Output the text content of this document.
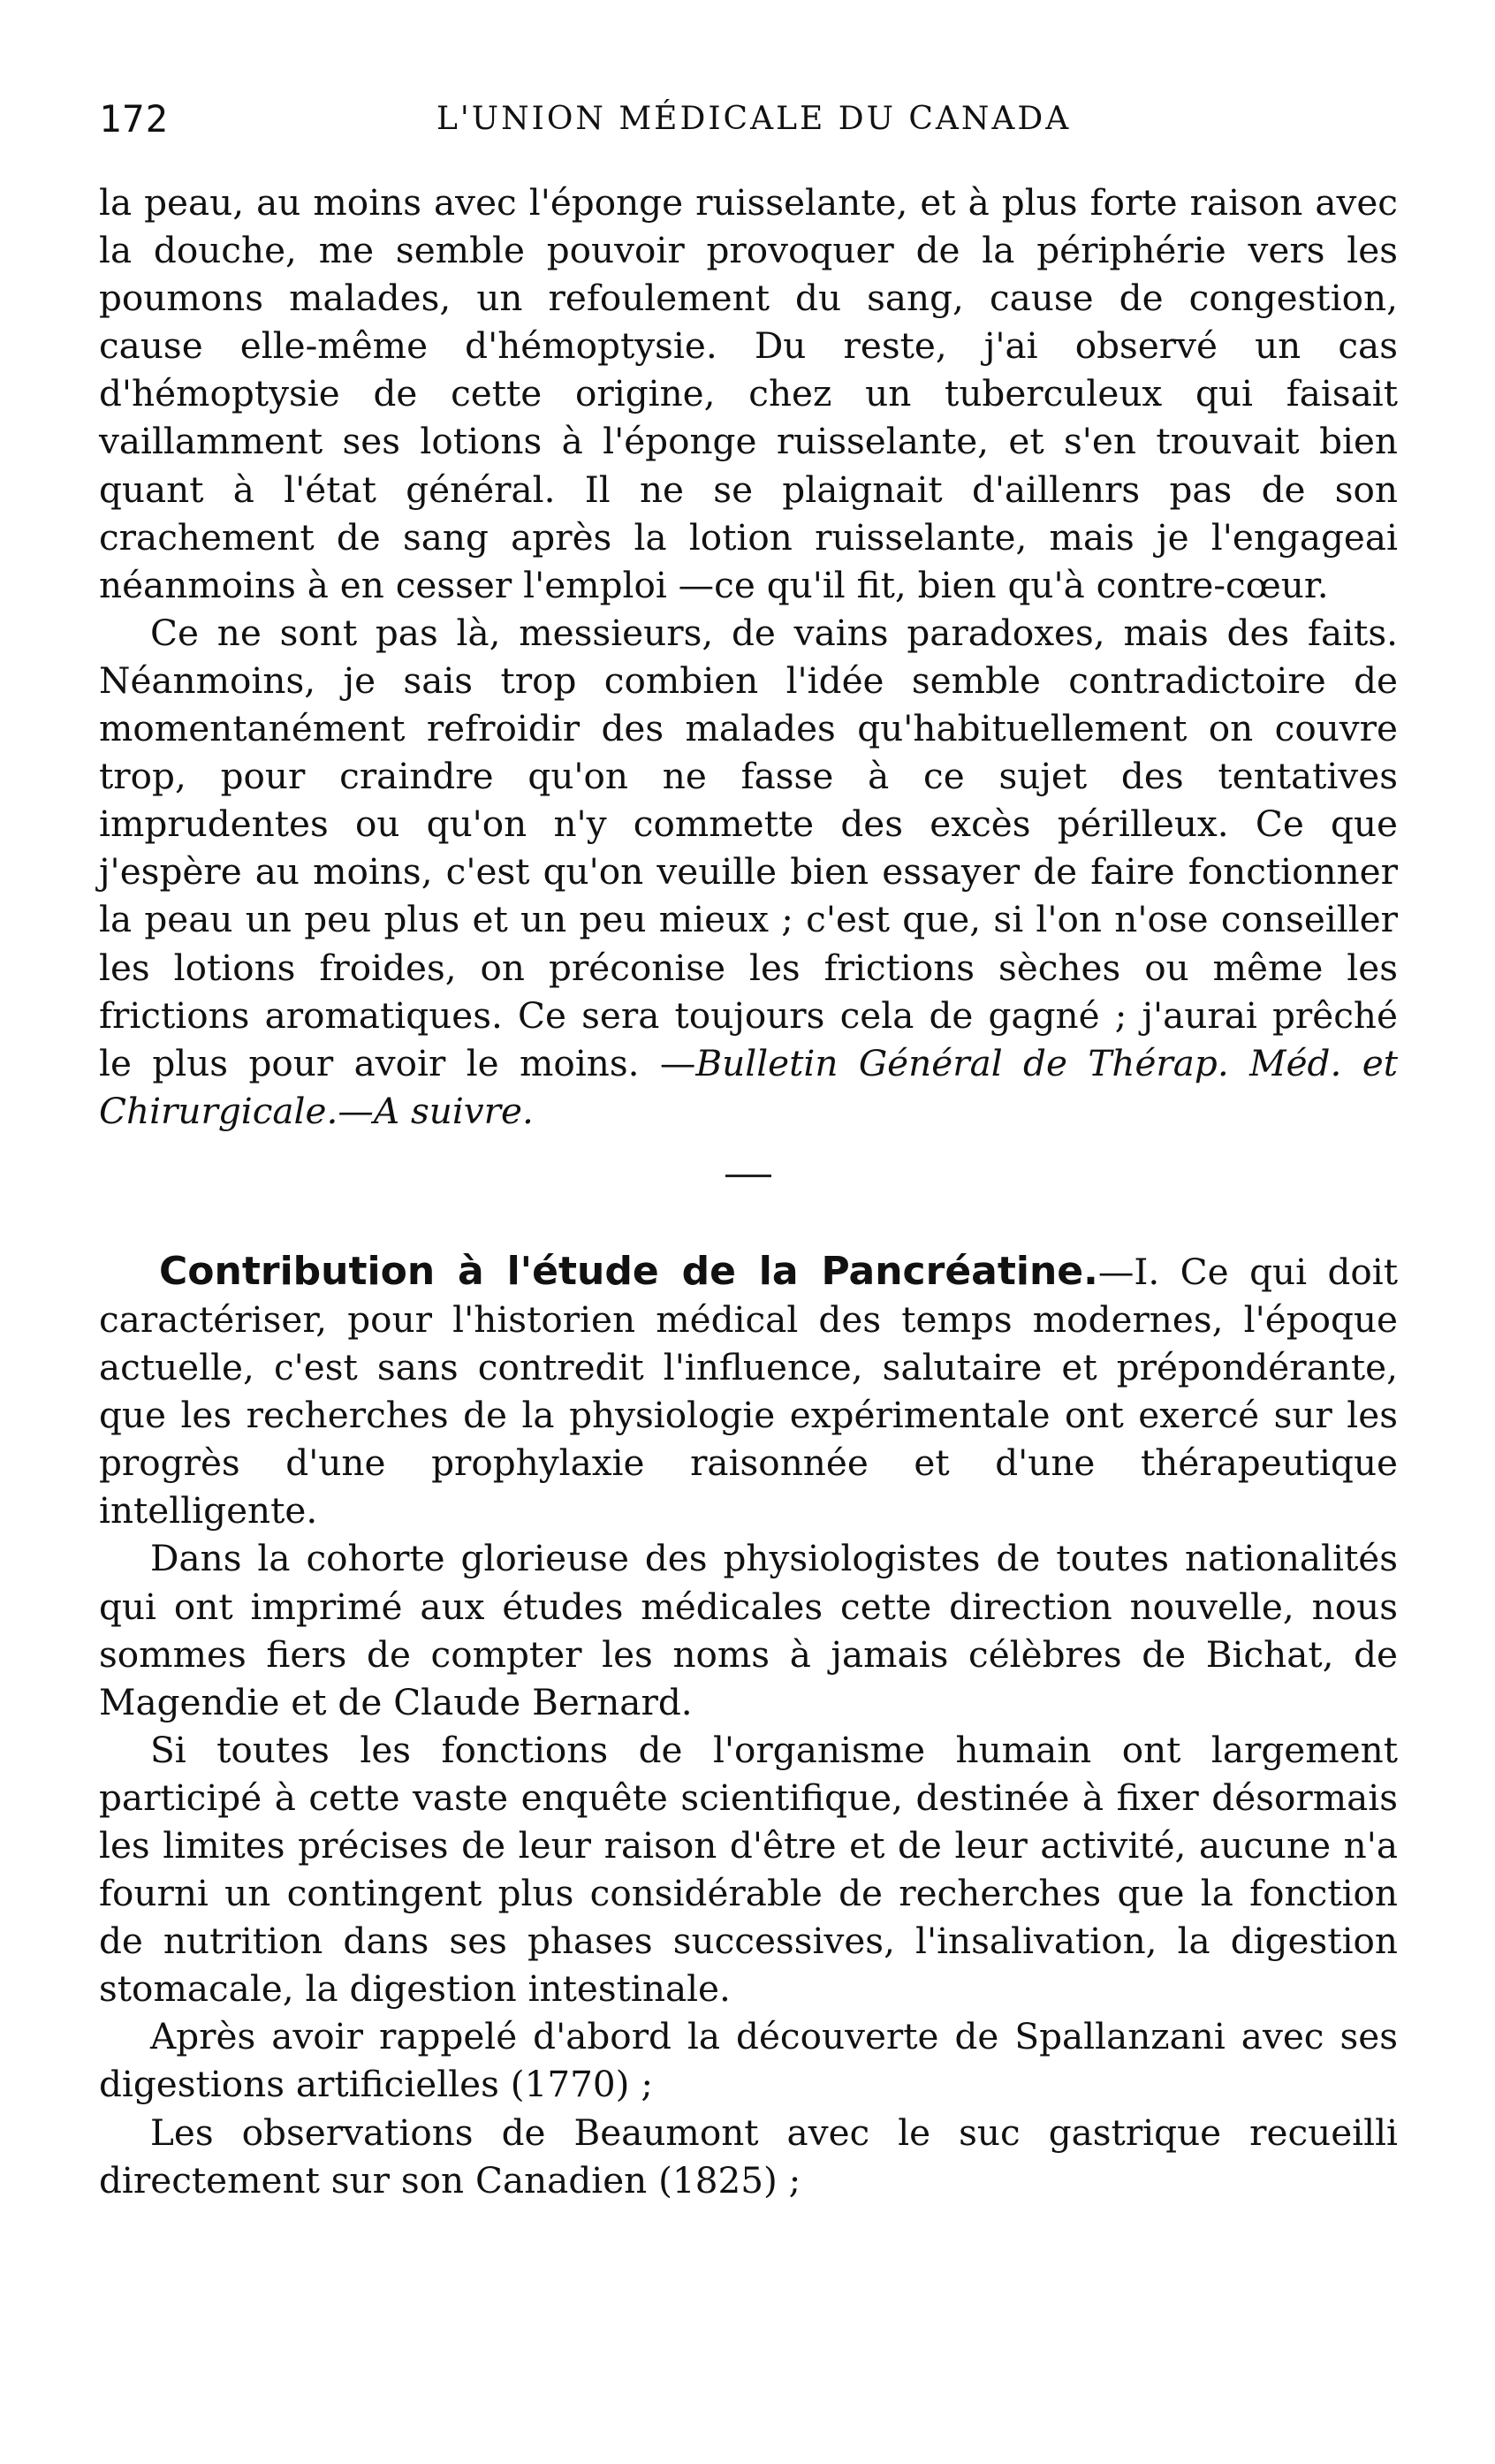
172	L'UNION MÉDICALE DU CANADA

la peau, au moins avec l'éponge ruisselante, et à plus forte raison avec la douche, me semble pouvoir provoquer de la périphérie vers les poumons malades, un refoulement du sang, cause de congestion, cause elle-même d'hémoptysie. Du reste, j'ai observé un cas d'hémoptysie de cette origine, chez un tuberculeux qui faisait vaillamment ses lotions à l'éponge ruisselante, et s'en trouvait bien quant à l'état général. Il ne se plaignait d'aillenrs pas de son crachement de sang après la lotion ruisselante, mais je l'engageai néanmoins à en cesser l'emploi —ce qu'il fit, bien qu'à contre-cœur.

Ce ne sont pas là, messieurs, de vains paradoxes, mais des faits. Néanmoins, je sais trop combien l'idée semble contradictoire de momentanément refroidir des malades qu'habituellement on couvre trop, pour craindre qu'on ne fasse à ce sujet des tentatives imprudentes ou qu'on n'y commette des excès périlleux. Ce que j'espère au moins, c'est qu'on veuille bien essayer de faire fonctionner la peau un peu plus et un peu mieux ; c'est que, si l'on n'ose conseiller les lotions froides, on préconise les frictions sèches ou même les frictions aromatiques. Ce sera toujours cela de gagné ; j'aurai prêché le plus pour avoir le moins. —Bulletin Général de Thérap. Méd. et Chirurgicale.—A suivre.

Contribution à l'étude de la Pancréatine.—I. Ce qui doit caractériser, pour l'historien médical des temps modernes, l'époque actuelle, c'est sans contredit l'influence, salutaire et prépondérante, que les recherches de la physiologie expérimentale ont exercé sur les progrès d'une prophylaxie raisonnée et d'une thérapeutique intelligente.

Dans la cohorte glorieuse des physiologistes de toutes nationalités qui ont imprimé aux études médicales cette direction nouvelle, nous sommes fiers de compter les noms à jamais célèbres de Bichat, de Magendie et de Claude Bernard.

Si toutes les fonctions de l'organisme humain ont largement participé à cette vaste enquête scientifique, destinée à fixer désormais les limites précises de leur raison d'être et de leur activité, aucune n'a fourni un contingent plus considérable de recherches que la fonction de nutrition dans ses phases successives, l'insalivation, la digestion stomacale, la digestion intestinale.

Après avoir rappelé d'abord la découverte de Spallanzani avec ses digestions artificielles (1770) ;

Les observations de Beaumont avec le suc gastrique recueilli directement sur son Canadien (1825) ;
